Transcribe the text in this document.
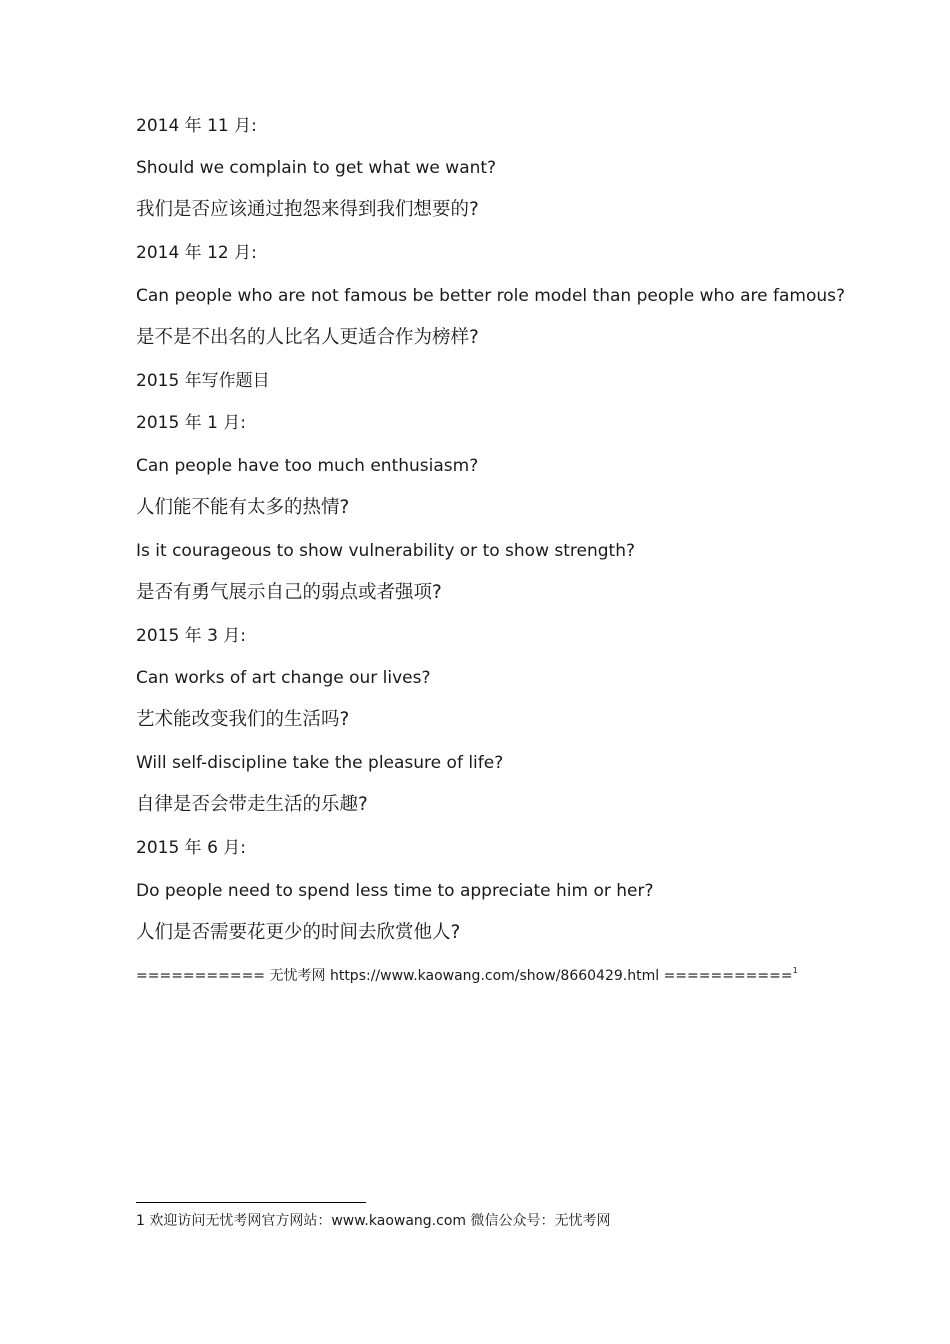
2014 年 11 月:
Should we complain to get what we want?
我们是否应该通过抱怨来得到我们想要的?
2014 年 12 月:
Can people who are not famous be better role model than people who are famous?
是不是不出名的人比名人更适合作为榜样?
2015 年写作题目
2015 年 1 月:
Can people have too much enthusiasm?
人们能不能有太多的热情?
Is it courageous to show vulnerability or to show strength?
是否有勇气展示自己的弱点或者强项?
2015 年 3 月:
Can works of art change our lives?
艺术能改变我们的生活吗?
Will self-discipline take the pleasure of life?
自律是否会带走生活的乐趣?
2015 年 6 月:
Do people need to spend less time to appreciate him or her?
人们是否需要花更少的时间去欣赏他人?
=========== 无忧考网 https://www.kaowang.com/show/8660429.html ===========$^1$
1 欢迎访问无忧考网官方网站：www.kaowang.com 微信公众号：无忧考网
